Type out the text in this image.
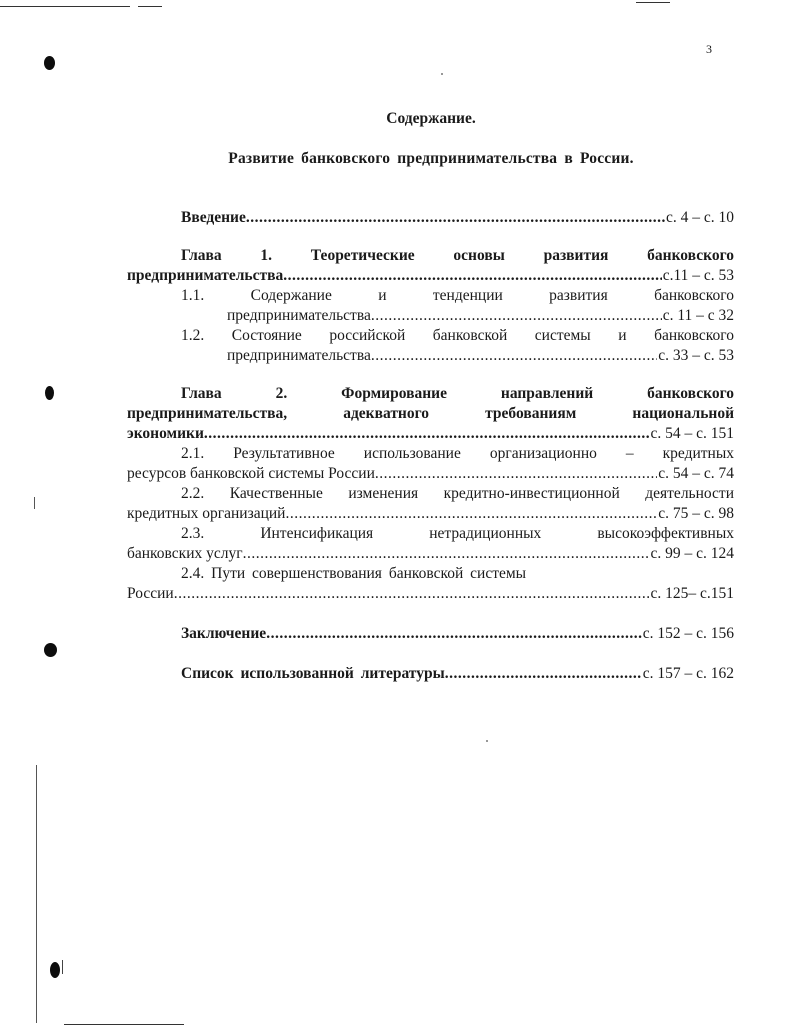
3
Содержание.
Развитие банковского предпринимательства в России.
Введение .....	с. 4 – с. 10
Глава 1. Теоретические основы развития банковского
предпринимательства .....	с.11 – с. 53
1.1. Содержание и тенденции развития банковского
предпринимательства .....	с. 11 – с 32
1.2. Состояние российской банковской системы и банковского
предпринимательства .....	с. 33 – с. 53
Глава 2. Формирование направлений банковского
предпринимательства, адекватного требованиям национальной
экономики .....	с. 54 – с. 151
2.1. Результативное использование организационно – кредитных
ресурсов банковской системы России .....	с. 54 – с. 74
2.2. Качественные изменения кредитно-инвестиционной деятельности
кредитных организаций .....	с. 75 – с. 98
2.3. Интенсификация нетрадиционных высокоэффективных
банковских услуг .....	с. 99 – с. 124
2.4. Пути совершенствования банковской системы
России .....	с. 125– с.151
Заключение .....	с. 152 – с. 156
Список использованной литературы .....	с. 157 – с. 162
